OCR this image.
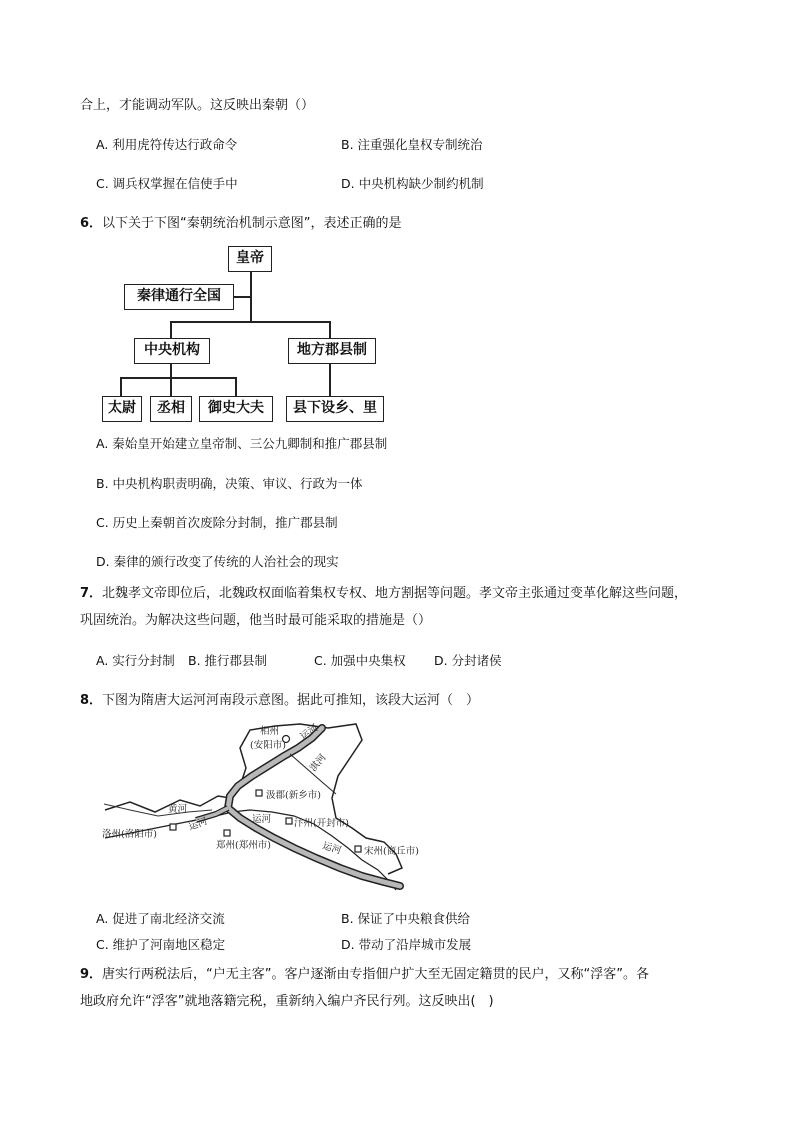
合上，才能调动军队。这反映出秦朝（）
A. 利用虎符传达行政命令	B. 注重强化皇权专制统治
C. 调兵权掌握在信使手中	D. 中央机构缺少制约机制
6．以下关于下图“秦朝统治机制示意图”，表述正确的是
皇帝
秦律通行全国
中央机构	地方郡县制
太尉	丞相	御史大夫	县下设乡、里
A. 秦始皇开始建立皇帝制、三公九卿制和推广郡县制
B. 中央机构职责明确，决策、审议、行政为一体
C. 历史上秦朝首次废除分封制，推广郡县制
D. 秦律的颁行改变了传统的人治社会的现实
7．北魏孝文帝即位后，北魏政权面临着集权专权、地方割据等问题。孝文帝主张通过变革化解这些问题，
巩固统治。为解决这些问题，他当时最可能采取的措施是（）
A. 实行分封制 B. 推行郡县制	C. 加强中央集权 D. 分封诸侯
8．下图为隋唐大运河河南段示意图。据此可推知，该段大运河（　）
相州
(安阳市)
汲郡(新乡市)
洛州(洛阳市)
郑州(郑州市)
汴州(开封市)
宋州(商丘市)
黄河
运河
运河	运河
运河
淇河
A. 促进了南北经济交流	B. 保证了中央粮食供给
C. 维护了河南地区稳定	D. 带动了沿岸城市发展
9．唐实行两税法后，“户无主客”。客户逐渐由专指佃户扩大至无固定籍贯的民户，又称“浮客”。各
地政府允许“浮客”就地落籍完税，重新纳入编户齐民行列。这反映出(　)
